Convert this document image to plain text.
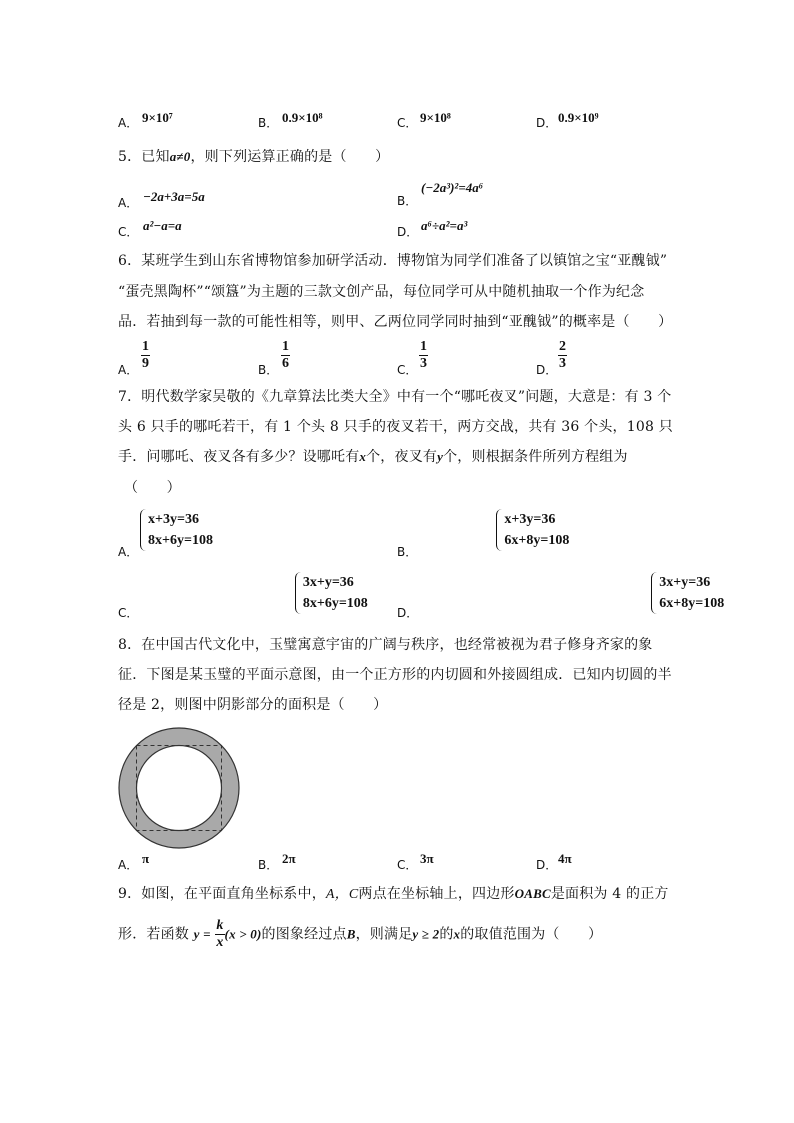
A． 9×10⁷	B． 0.9×10⁸	C． 9×10⁸	D． 0.9×10⁹
5．已知a≠0，则下列运算正确的是（　　）
A． −2a+3a=5a	B．
(−2a³)²=4a⁶
C． a²−a=a	D． a⁶÷a²=a³
6．某班学生到山东省博物馆参加研学活动．博物馆为同学们准备了以镇馆之宝“亚醜钺”
“蛋壳黑陶杯”“颂簋”为主题的三款文创产品，每位同学可从中随机抽取一个作为纪念
品．若抽到每一款的可能性相等，则甲、乙两位同学同时抽到“亚醜钺”的概率是（　　）
A． $\frac{1}{9}$	B． $\frac{1}{6}$	C． $\frac{1}{3}$	D． $\frac{2}{3}$
7．明代数学家吴敬的《九章算法比类大全》中有一个“哪吒夜叉”问题，大意是：有 3 个
头 6 只手的哪吒若干，有 1 个头 8 只手的夜叉若干，两方交战，共有 36 个头，108 只
手．问哪吒、夜叉各有多少？设哪吒有x个，夜叉有y个，则根据条件所列方程组为
（　　）
A．
x+3y=36
8x+6y=108

B．
x+3y=36
6x+8y=108

C．
3x+y=36
8x+6y=108

D．
3x+y=36
6x+8y=108
8．在中国古代文化中，玉璧寓意宇宙的广阔与秩序，也经常被视为君子修身齐家的象
征．下图是某玉璧的平面示意图，由一个正方形的内切圆和外接圆组成．已知内切圆的半
径是 2，则图中阴影部分的面积是（　　）
A． π	B． 2π	C． 3π	D． 4π
9．如图，在平面直角坐标系中，A，C两点在坐标轴上，四边形OABC是面积为 4 的正方
形．若函数 $y = \frac{k}{x} (x > 0)$的图象经过点B，则满足y ≥ 2的x的取值范围为（　　）
